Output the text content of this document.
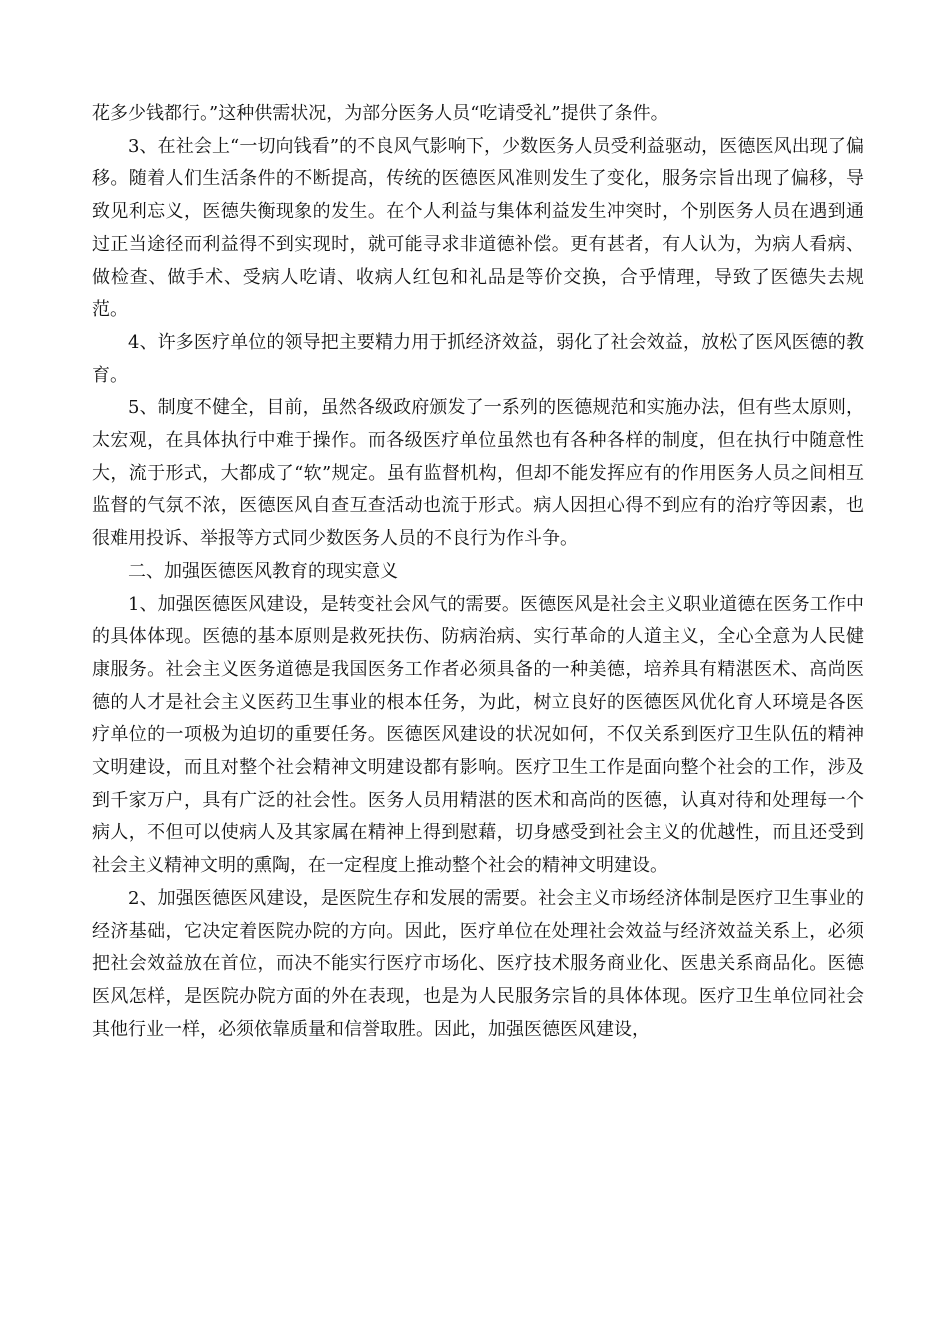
花多少钱都行。”这种供需状况，为部分医务人员“吃请受礼”提供了条件。

3、在社会上“一切向钱看”的不良风气影响下，少数医务人员受利益驱动，医德医风出现了偏移。随着人们生活条件的不断提高，传统的医德医风准则发生了变化，服务宗旨出现了偏移，导致见利忘义，医德失衡现象的发生。在个人利益与集体利益发生冲突时，个别医务人员在遇到通过正当途径而利益得不到实现时，就可能寻求非道德补偿。更有甚者，有人认为，为病人看病、做检查、做手术、受病人吃请、收病人红包和礼品是等价交换，合乎情理，导致了医德失去规范。

4、许多医疗单位的领导把主要精力用于抓经济效益，弱化了社会效益，放松了医风医德的教育。

5、制度不健全，目前，虽然各级政府颁发了一系列的医德规范和实施办法，但有些太原则，太宏观，在具体执行中难于操作。而各级医疗单位虽然也有各种各样的制度，但在执行中随意性大，流于形式，大都成了“软”规定。虽有监督机构，但却不能发挥应有的作用医务人员之间相互监督的气氛不浓，医德医风自查互查活动也流于形式。病人因担心得不到应有的治疗等因素，也很难用投诉、举报等方式同少数医务人员的不良行为作斗争。

二、加强医德医风教育的现实意义

1、加强医德医风建设，是转变社会风气的需要。医德医风是社会主义职业道德在医务工作中的具体体现。医德的基本原则是救死扶伤、防病治病、实行革命的人道主义，全心全意为人民健康服务。社会主义医务道德是我国医务工作者必须具备的一种美德，培养具有精湛医术、高尚医德的人才是社会主义医药卫生事业的根本任务，为此，树立良好的医德医风优化育人环境是各医疗单位的一项极为迫切的重要任务。医德医风建设的状况如何，不仅关系到医疗卫生队伍的精神文明建设，而且对整个社会精神文明建设都有影响。医疗卫生工作是面向整个社会的工作，涉及到千家万户，具有广泛的社会性。医务人员用精湛的医术和高尚的医德，认真对待和处理每一个病人，不但可以使病人及其家属在精神上得到慰藉，切身感受到社会主义的优越性，而且还受到社会主义精神文明的熏陶，在一定程度上推动整个社会的精神文明建设。

2、加强医德医风建设，是医院生存和发展的需要。社会主义市场经济体制是医疗卫生事业的经济基础，它决定着医院办院的方向。因此，医疗单位在处理社会效益与经济效益关系上，必须把社会效益放在首位，而决不能实行医疗市场化、医疗技术服务商业化、医患关系商品化。医德医风怎样，是医院办院方面的外在表现，也是为人民服务宗旨的具体体现。医疗卫生单位同社会其他行业一样，必须依靠质量和信誉取胜。因此，加强医德医风建设，
